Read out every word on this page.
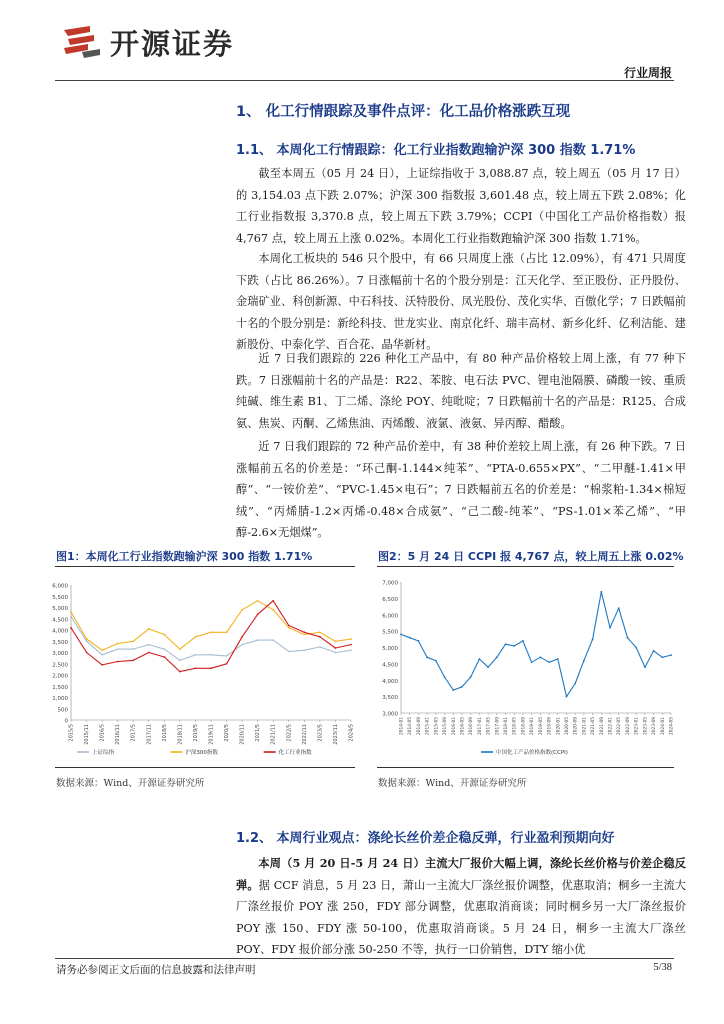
开源证券
行业周报
1、 化工行情跟踪及事件点评：化工品价格涨跌互现
1.1、 本周化工行情跟踪：化工行业指数跑输沪深 300 指数 1.71%

截至本周五（05 月 24 日），上证综指收于 3,088.87 点，较上周五（05 月 17 日）的 3,154.03 点下跌 2.07%；沪深 300 指数报 3,601.48 点，较上周五下跌 2.08%；化工行业指数报 3,370.8 点，较上周五下跌 3.79%；CCPI（中国化工产品价格指数）报 4,767 点，较上周五上涨 0.02%。本周化工行业指数跑输沪深 300 指数 1.71%。

本周化工板块的 546 只个股中，有 66 只周度上涨（占比 12.09%），有 471 只周度下跌（占比 86.26%）。7 日涨幅前十名的个股分别是：江天化学、至正股份、正丹股份、金瑞矿业、科创新源、中石科技、沃特股份、凤光股份、茂化实华、百傲化学；7 日跌幅前十名的个股分别是：新纶科技、世龙实业、南京化纤、瑞丰高材、新乡化纤、亿利洁能、建新股份、中泰化学、百合花、晶华新材。

近 7 日我们跟踪的 226 种化工产品中，有 80 种产品价格较上周上涨，有 77 种下跌。7 日涨幅前十名的产品是：R22、苯胺、电石法 PVC、锂电池隔膜、磷酸一铵、重质纯碱、维生素 B1、丁二烯、涤纶 POY、纯吡啶；7 日跌幅前十名的产品是：R125、合成氨、焦炭、丙酮、乙烯焦油、丙烯酸、液氯、液氨、异丙醇、醋酸。

近 7 日我们跟踪的 72 种产品价差中，有 38 种价差较上周上涨，有 26 种下跌。7 日涨幅前五名的价差是：“环己酮-1.144×纯苯”、“PTA-0.655×PX”、“二甲醚-1.41×甲醇”、“一铵价差”、“PVC-1.45×电石”；7 日跌幅前五名的价差是：“棉浆粕-1.34×棉短绒”、“丙烯腈-1.2×丙烯-0.48×合成氨”、“己二酸-纯苯”、“PS-1.01×苯乙烯”、“甲醇-2.6×无烟煤”。

图1：本周化工行业指数跑输沪深 300 指数 1.71%
0
500
1,000
1,500
2,000
2,500
3,000
3,500
4,000
4,500
5,000
5,500
6,000
2015/5 2015/11 2016/5 2016/11 2017/5 2017/11 2018/5 2018/11 2019/5 2019/11 2020/5 2020/11 2021/5 2021/11 2022/5 2022/11 2023/5 2023/11 2024/5
上证综指	沪深300指数	化工行业指数
数据来源：Wind、开源证券研究所
图2：5 月 24 日 CCPI 报 4,767 点，较上周五上涨 0.02%
3,000
3,500
4,000
4,500
5,000
5,500
6,000
6,500
7,000
2014-01 2014-05 2014-09 2015-01 2015-05 2015-09 2016-01 2016-05 2016-09 2017-01 2017-05 2017-09 2018-01 2018-05 2018-09 2019-01 2019-05 2019-09 2020-01 2020-05 2020-09 2021-01 2021-05 2021-09 2022-01 2022-05 2022-09 2023-01 2023-05 2023-09 2024-01 2024-05
中国化工产品价格指数(CCPI)
数据来源：Wind、开源证券研究所
1.2、 本周行业观点：涤纶长丝价差企稳反弹，行业盈利预期向好

本周（5 月 20 日-5 月 24 日）主流大厂报价大幅上调，涤纶长丝价格与价差企稳反弹。据 CCF 消息，5 月 23 日，萧山一主流大厂涤丝报价调整，优惠取消；桐乡一主流大厂涤丝报价 POY 涨 250，FDY 部分调整，优惠取消商谈；同时桐乡另一大厂涤丝报价 POY 涨 150、FDY 涨 50-100，优惠取消商谈。5 月 24 日，桐乡一主流大厂涤丝 POY、FDY 报价部分涨 50-250 不等，执行一口价销售，DTY 缩小优

请务必参阅正文后面的信息披露和法律声明	5/38
